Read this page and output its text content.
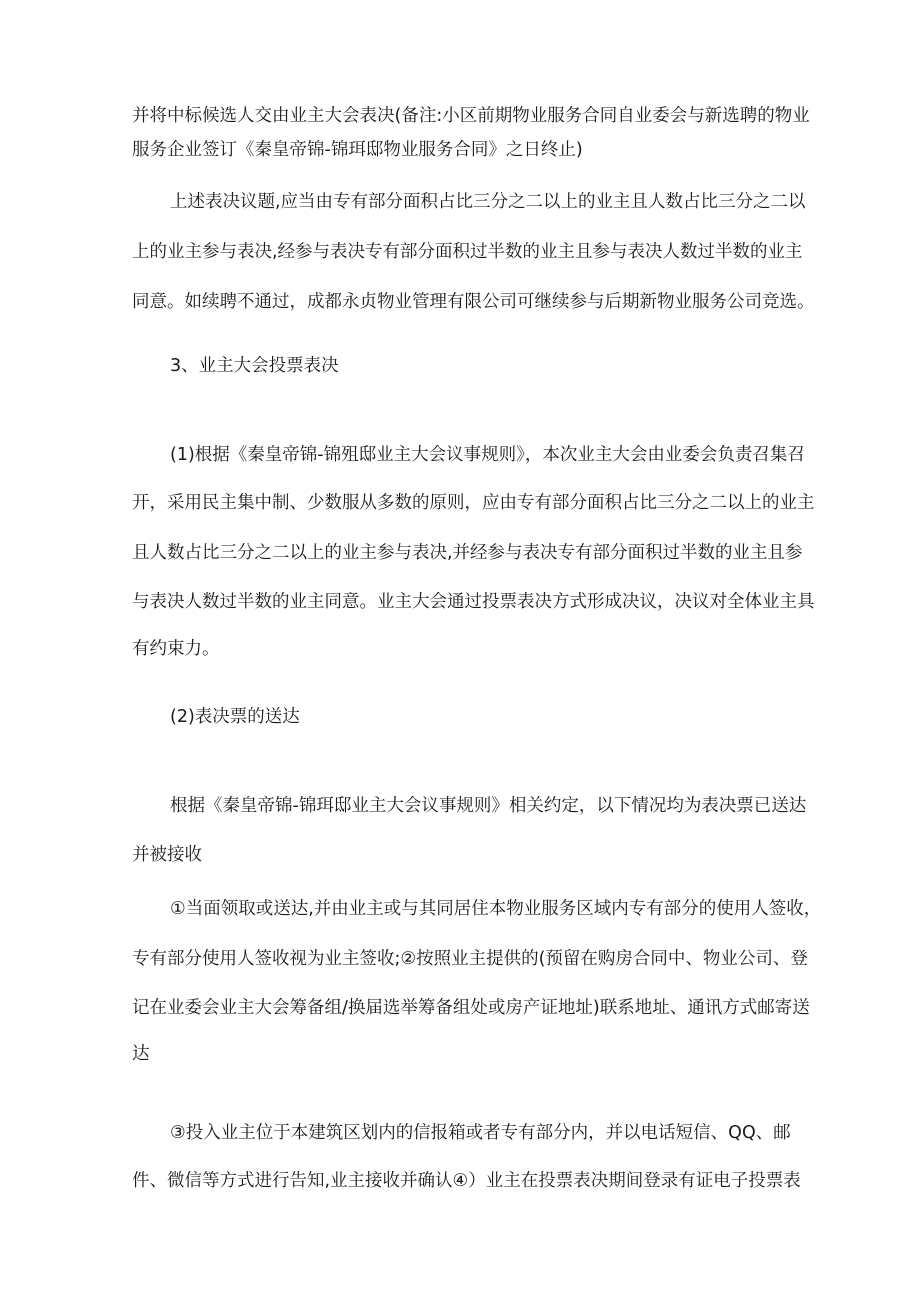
并将中标候选人交由业主大会表决(备注:小区前期物业服务合同自业委会与新选聘的物业
服务企业签订《秦皇帝锦-锦珥邸物业服务合同》之日终止)
上述表决议题,应当由专有部分面积占比三分之二以上的业主且人数占比三分之二以
上的业主参与表决,经参与表决专有部分面积过半数的业主且参与表决人数过半数的业主
同意。如续聘不通过，成都永贞物业管理有限公司可继续参与后期新物业服务公司竞选。
3、业主大会投票表决
(1)根据《秦皇帝锦-锦殂邸业主大会议事规则》，本次业主大会由业委会负责召集召
开，采用民主集中制、少数服从多数的原则，应由专有部分面积占比三分之二以上的业主
且人数占比三分之二以上的业主参与表决,并经参与表决专有部分面积过半数的业主且参
与表决人数过半数的业主同意。业主大会通过投票表决方式形成决议，决议对全体业主具
有约束力。
(2)表决票的送达
根据《秦皇帝锦-锦珥邸业主大会议事规则》相关约定，以下情况均为表决票已送达
并被接收
①当面领取或送达,并由业主或与其同居住本物业服务区域内专有部分的使用人签收，
专有部分使用人签收视为业主签收;②按照业主提供的(预留在购房合同中、物业公司、登
记在业委会业主大会筹备组/换届选举筹备组处或房产证地址)联系地址、通讯方式邮寄送
达
③投入业主位于本建筑区划内的信报箱或者专有部分内，并以电话短信、QQ、邮
件、微信等方式进行告知,业主接收并确认④）业主在投票表决期间登录有证电子投票表
